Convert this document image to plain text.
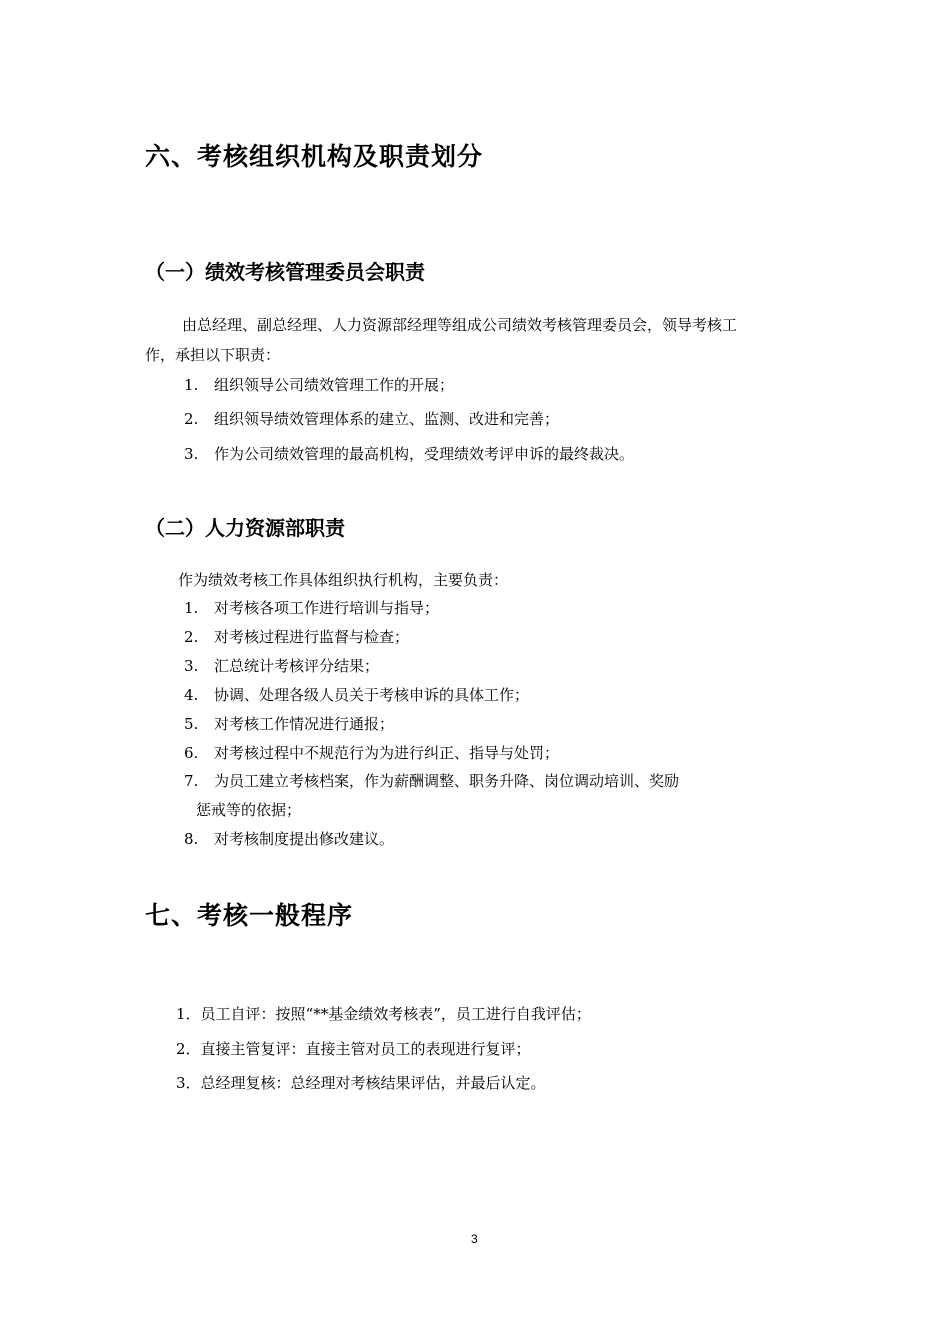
六、考核组织机构及职责划分
（一）绩效考核管理委员会职责
由总经理、副总经理、人力资源部经理等组成公司绩效考核管理委员会，领导考核工
作，承担以下职责：
1. 组织领导公司绩效管理工作的开展；
2. 组织领导绩效管理体系的建立、监测、改进和完善；
3. 作为公司绩效管理的最高机构，受理绩效考评申诉的最终裁决。
（二）人力资源部职责
作为绩效考核工作具体组织执行机构，主要负责：
1. 对考核各项工作进行培训与指导；
2. 对考核过程进行监督与检查；
3. 汇总统计考核评分结果；
4. 协调、处理各级人员关于考核申诉的具体工作；
5. 对考核工作情况进行通报；
6. 对考核过程中不规范行为为进行纠正、指导与处罚；
7. 为员工建立考核档案，作为薪酬调整、职务升降、岗位调动培训、奖励
惩戒等的依据；
8. 对考核制度提出修改建议。
七、考核一般程序
1．员工自评：按照“**基金绩效考核表”，员工进行自我评估；
2．直接主管复评：直接主管对员工的表现进行复评；
3．总经理复核：总经理对考核结果评估，并最后认定。
3
